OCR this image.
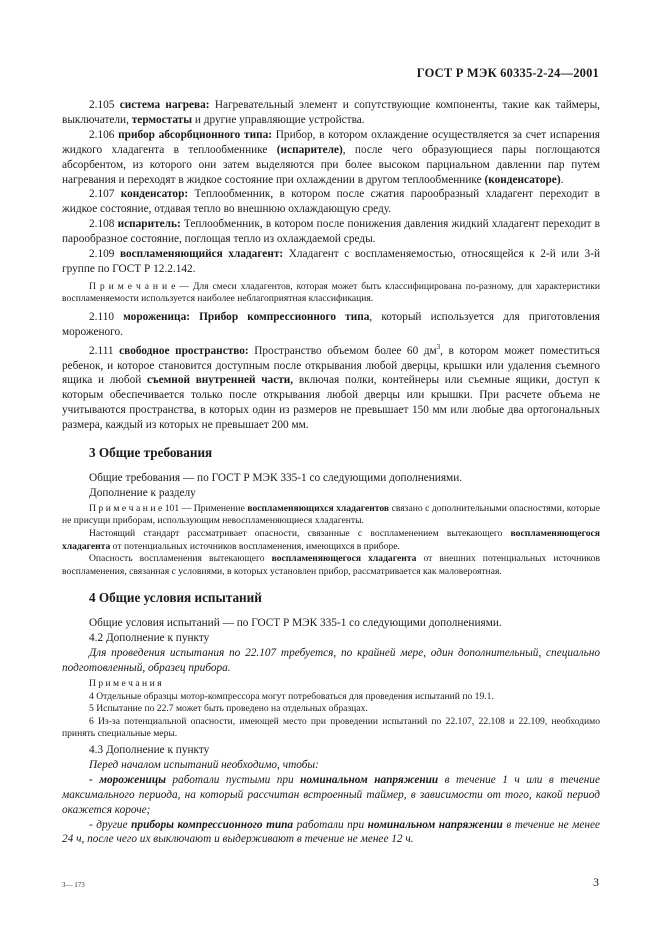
ГОСТ Р МЭК 60335-2-24—2001

2.105 система нагрева: Нагревательный элемент и сопутствующие компоненты, такие как таймеры, выключатели, термостаты и другие управляющие устройства.

2.106 прибор абсорбционного типа: Прибор, в котором охлаждение осуществляется за счет испарения жидкого хладагента в теплообменнике (испарителе), после чего образующиеся пары поглощаются абсорбентом, из которого они затем выделяются при более высоком парциальном давлении пар путем нагревания и переходят в жидкое состояние при охлаждении в другом теплообменнике (конденсаторе).

2.107 конденсатор: Теплообменник, в котором после сжатия парообразный хладагент переходит в жидкое состояние, отдавая тепло во внешнюю охлаждающую среду.

2.108 испаритель: Теплообменник, в котором после понижения давления жидкий хладагент переходит в парообразное состояние, поглощая тепло из охлаждаемой среды.

2.109 воспламеняющийся хладагент: Хладагент с воспламеняемостью, относящейся к 2-й или 3-й группе по ГОСТ Р 12.2.142.

П р и м е ч а н и е — Для смеси хладагентов, которая может быть классифицирована по-разному, для характеристики воспламеняемости используется наиболее неблагоприятная классификация.

2.110 мороженица: Прибор компрессионного типа, который используется для приготовления мороженого.

2.111 свободное пространство: Пространство объемом более 60 $дм^3$, в котором может поместиться ребенок, и которое становится доступным после открывания любой дверцы, крышки или удаления съемного ящика и любой съемной внутренней части, включая полки, контейнеры или съемные ящики, доступ к которым обеспечивается только после открывания любой дверцы или крышки. При расчете объема не учитываются пространства, в которых один из размеров не превышает 150 мм или любые два ортогональных размера, каждый из которых не превышает 200 мм.

3 Общие требования

Общие требования — по ГОСТ Р МЭК 335-1 со следующими дополнениями.

Дополнение к разделу

П р и м е ч а н и е 101 — Применение воспламеняющихся хладагентов связано с дополнительными опасностями, которые не присущи приборам, использующим невоспламеняющиеся хладагенты.

Настоящий стандарт рассматривает опасности, связанные с воспламенением вытекающего воспламеняющегося хладагента от потенциальных источников воспламенения, имеющихся в приборе.

Опасность воспламенения вытекающего воспламеняющегося хладагента от внешних потенциальных источников воспламенения, связанная с условиями, в которых установлен прибор, рассматривается как маловероятная.

4 Общие условия испытаний

Общие условия испытаний — по ГОСТ Р МЭК 335-1 со следующими дополнениями.

4.2 Дополнение к пункту

Для проведения испытания по 22.107 требуется, по крайней мере, один дополнительный, специально подготовленный, образец прибора.

П р и м е ч а н и я

4 Отдельные образцы мотор-компрессора могут потребоваться для проведения испытаний по 19.1.

5 Испытание по 22.7 может быть проведено на отдельных образцах.

6 Из-за потенциальной опасности, имеющей место при проведении испытаний по 22.107, 22.108 и 22.109, необходимо принять специальные меры.

4.3 Дополнение к пункту

Перед началом испытаний необходимо, чтобы:

- мороженицы работали пустыми при номинальном напряжении в течение 1 ч или в течение максимального периода, на который рассчитан встроенный таймер, в зависимости от того, какой период окажется короче;

- другие приборы компрессионного типа работали при номинальном напряжении в течение не менее 24 ч, после чего их выключают и выдерживают в течение не менее 12 ч.

3— 173	3
